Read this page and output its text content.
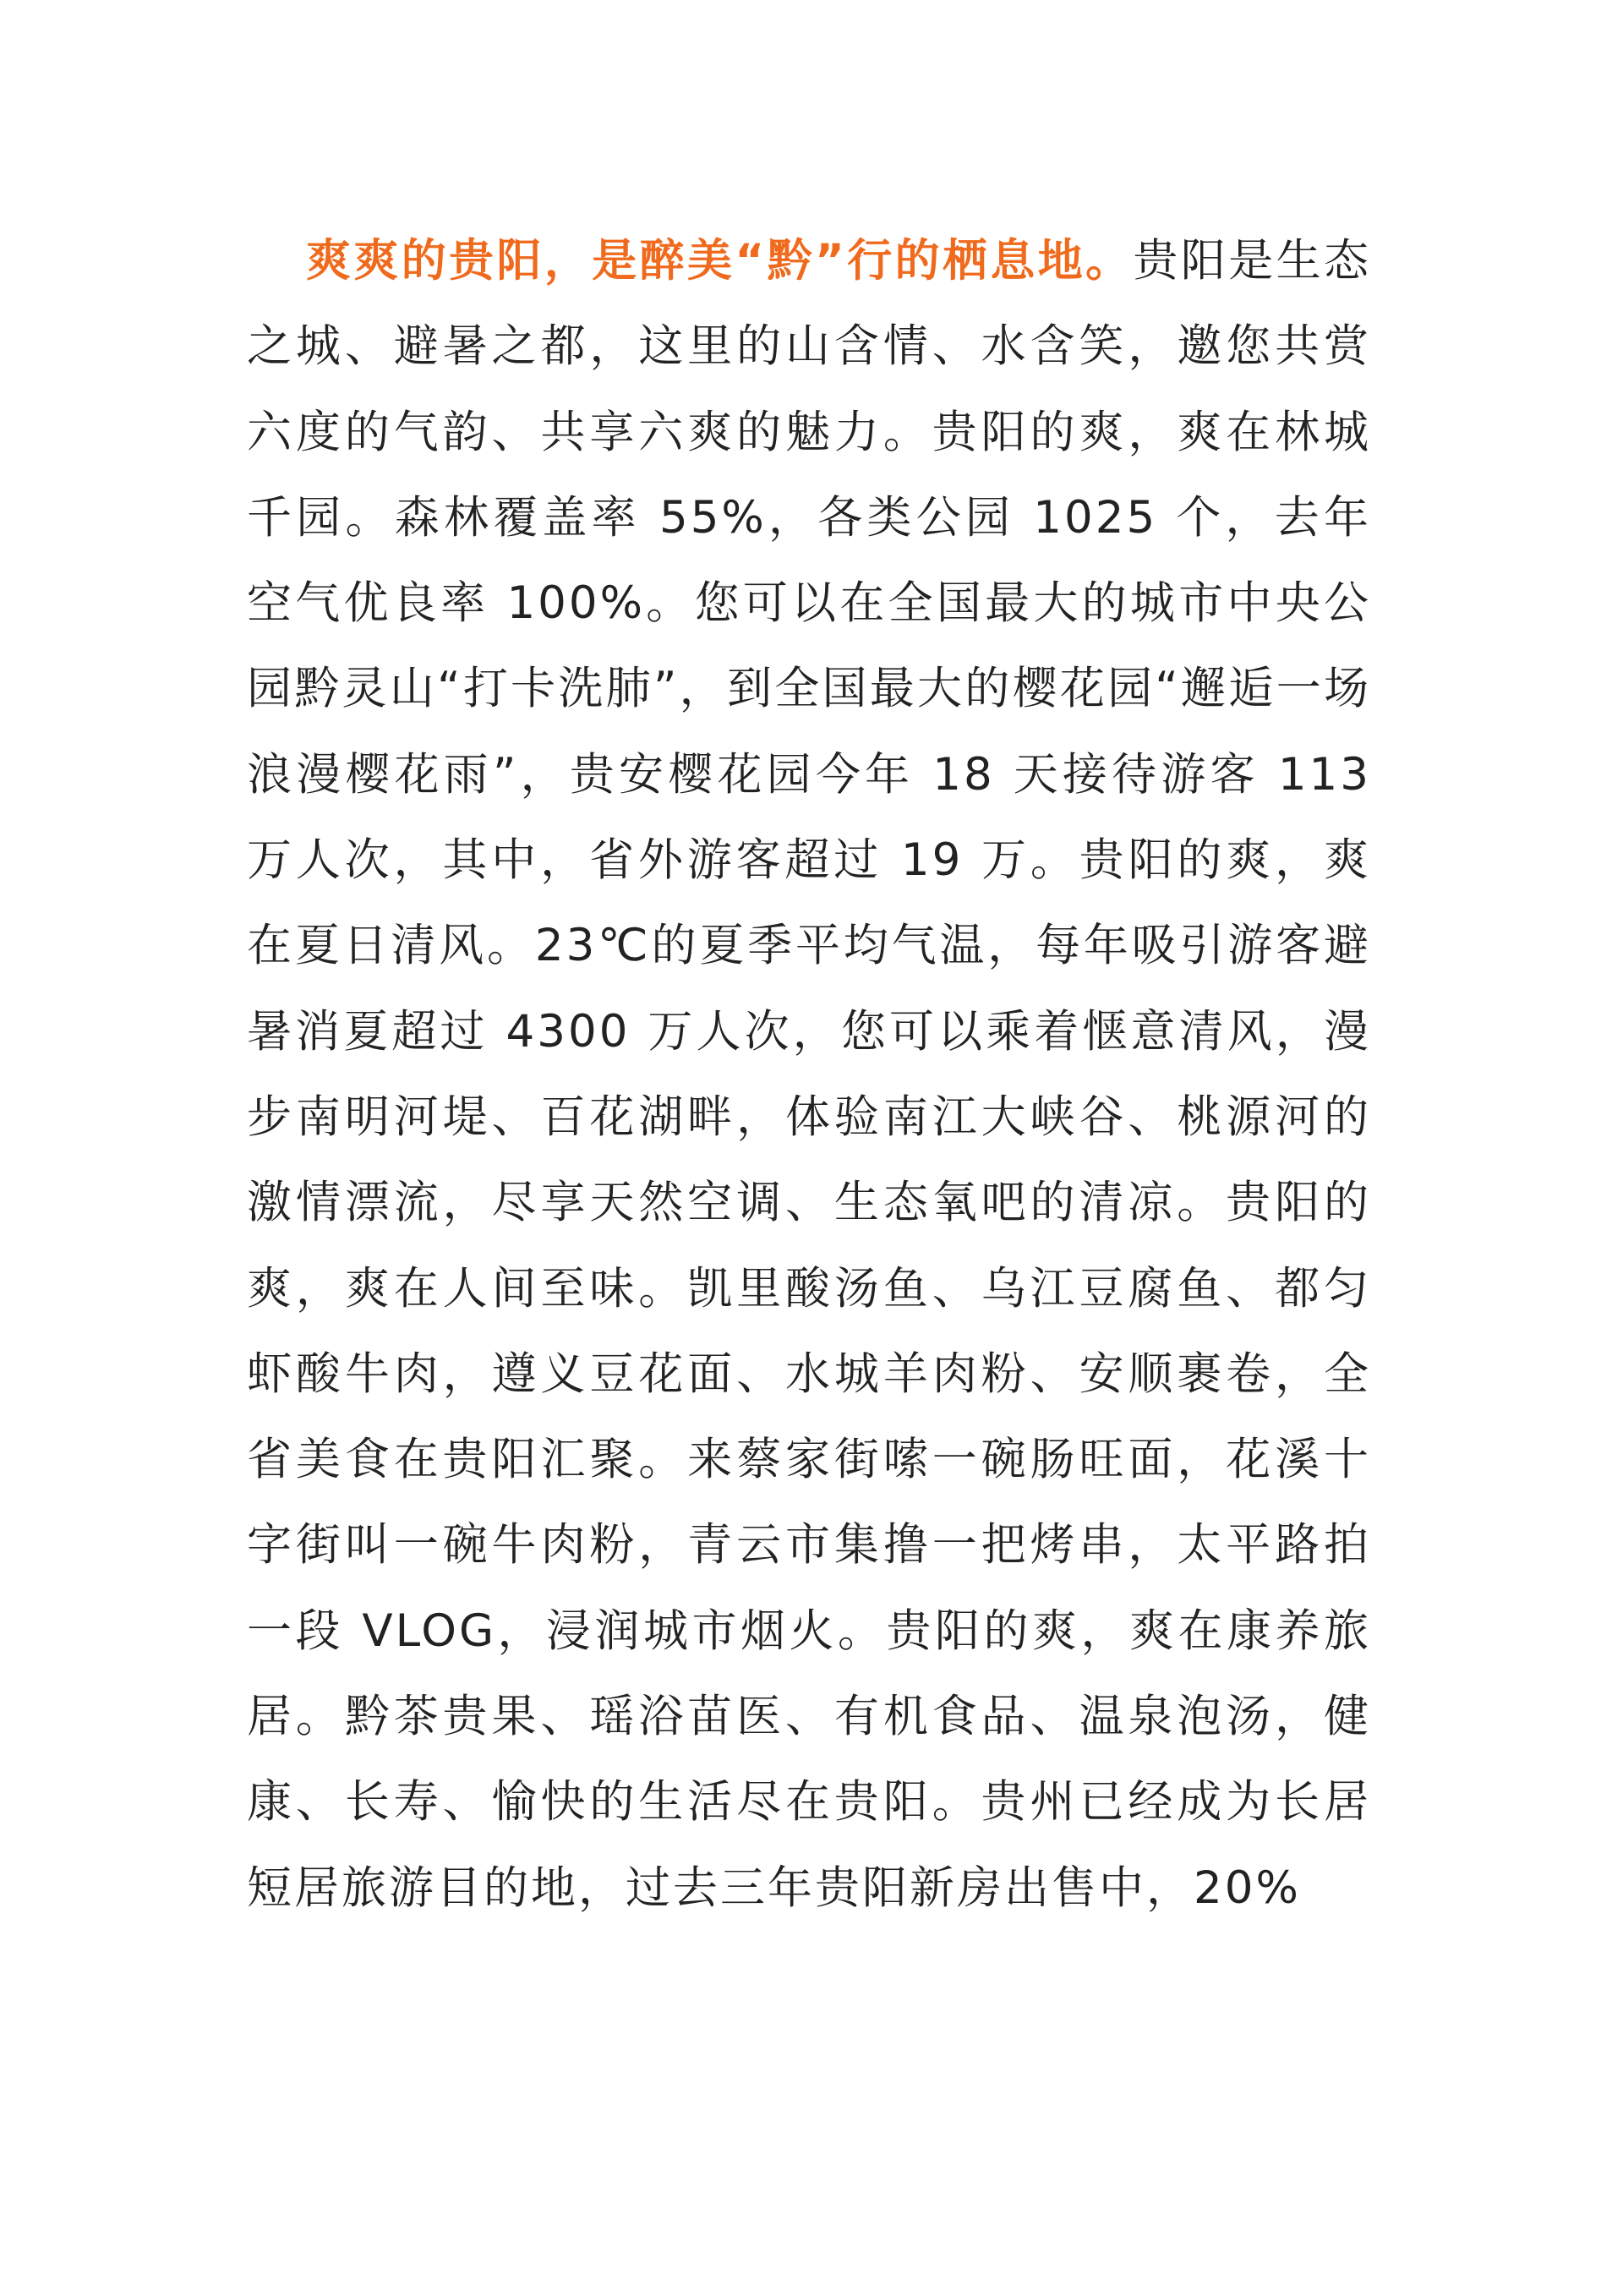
爽爽的贵阳，是醉美“黔”行的栖息地。贵阳是生态之城、避暑之都，这里的山含情、水含笑，邀您共赏六度的气韵、共享六爽的魅力。贵阳的爽，爽在林城千园。森林覆盖率 55%，各类公园 1025 个，去年空气优良率 100%。您可以在全国最大的城市中央公园黔灵山“打卡洗肺”，到全国最大的樱花园“邂逅一场浪漫樱花雨”，贵安樱花园今年 18 天接待游客 113 万人次，其中，省外游客超过 19 万。贵阳的爽，爽在夏日清风。23℃的夏季平均气温，每年吸引游客避暑消夏超过 4300 万人次，您可以乘着惬意清风，漫步南明河堤、百花湖畔，体验南江大峡谷、桃源河的激情漂流，尽享天然空调、生态氧吧的清凉。贵阳的爽，爽在人间至味。凯里酸汤鱼、乌江豆腐鱼、都匀虾酸牛肉，遵义豆花面、水城羊肉粉、安顺裹卷，全省美食在贵阳汇聚。来蔡家街嗦一碗肠旺面，花溪十字街叫一碗牛肉粉，青云市集撸一把烤串，太平路拍一段 VLOG，浸润城市烟火。贵阳的爽，爽在康养旅居。黔茶贵果、瑶浴苗医、有机食品、温泉泡汤，健康、长寿、愉快的生活尽在贵阳。贵州已经成为长居短居旅游目的地，过去三年贵阳新房出售中，20%
